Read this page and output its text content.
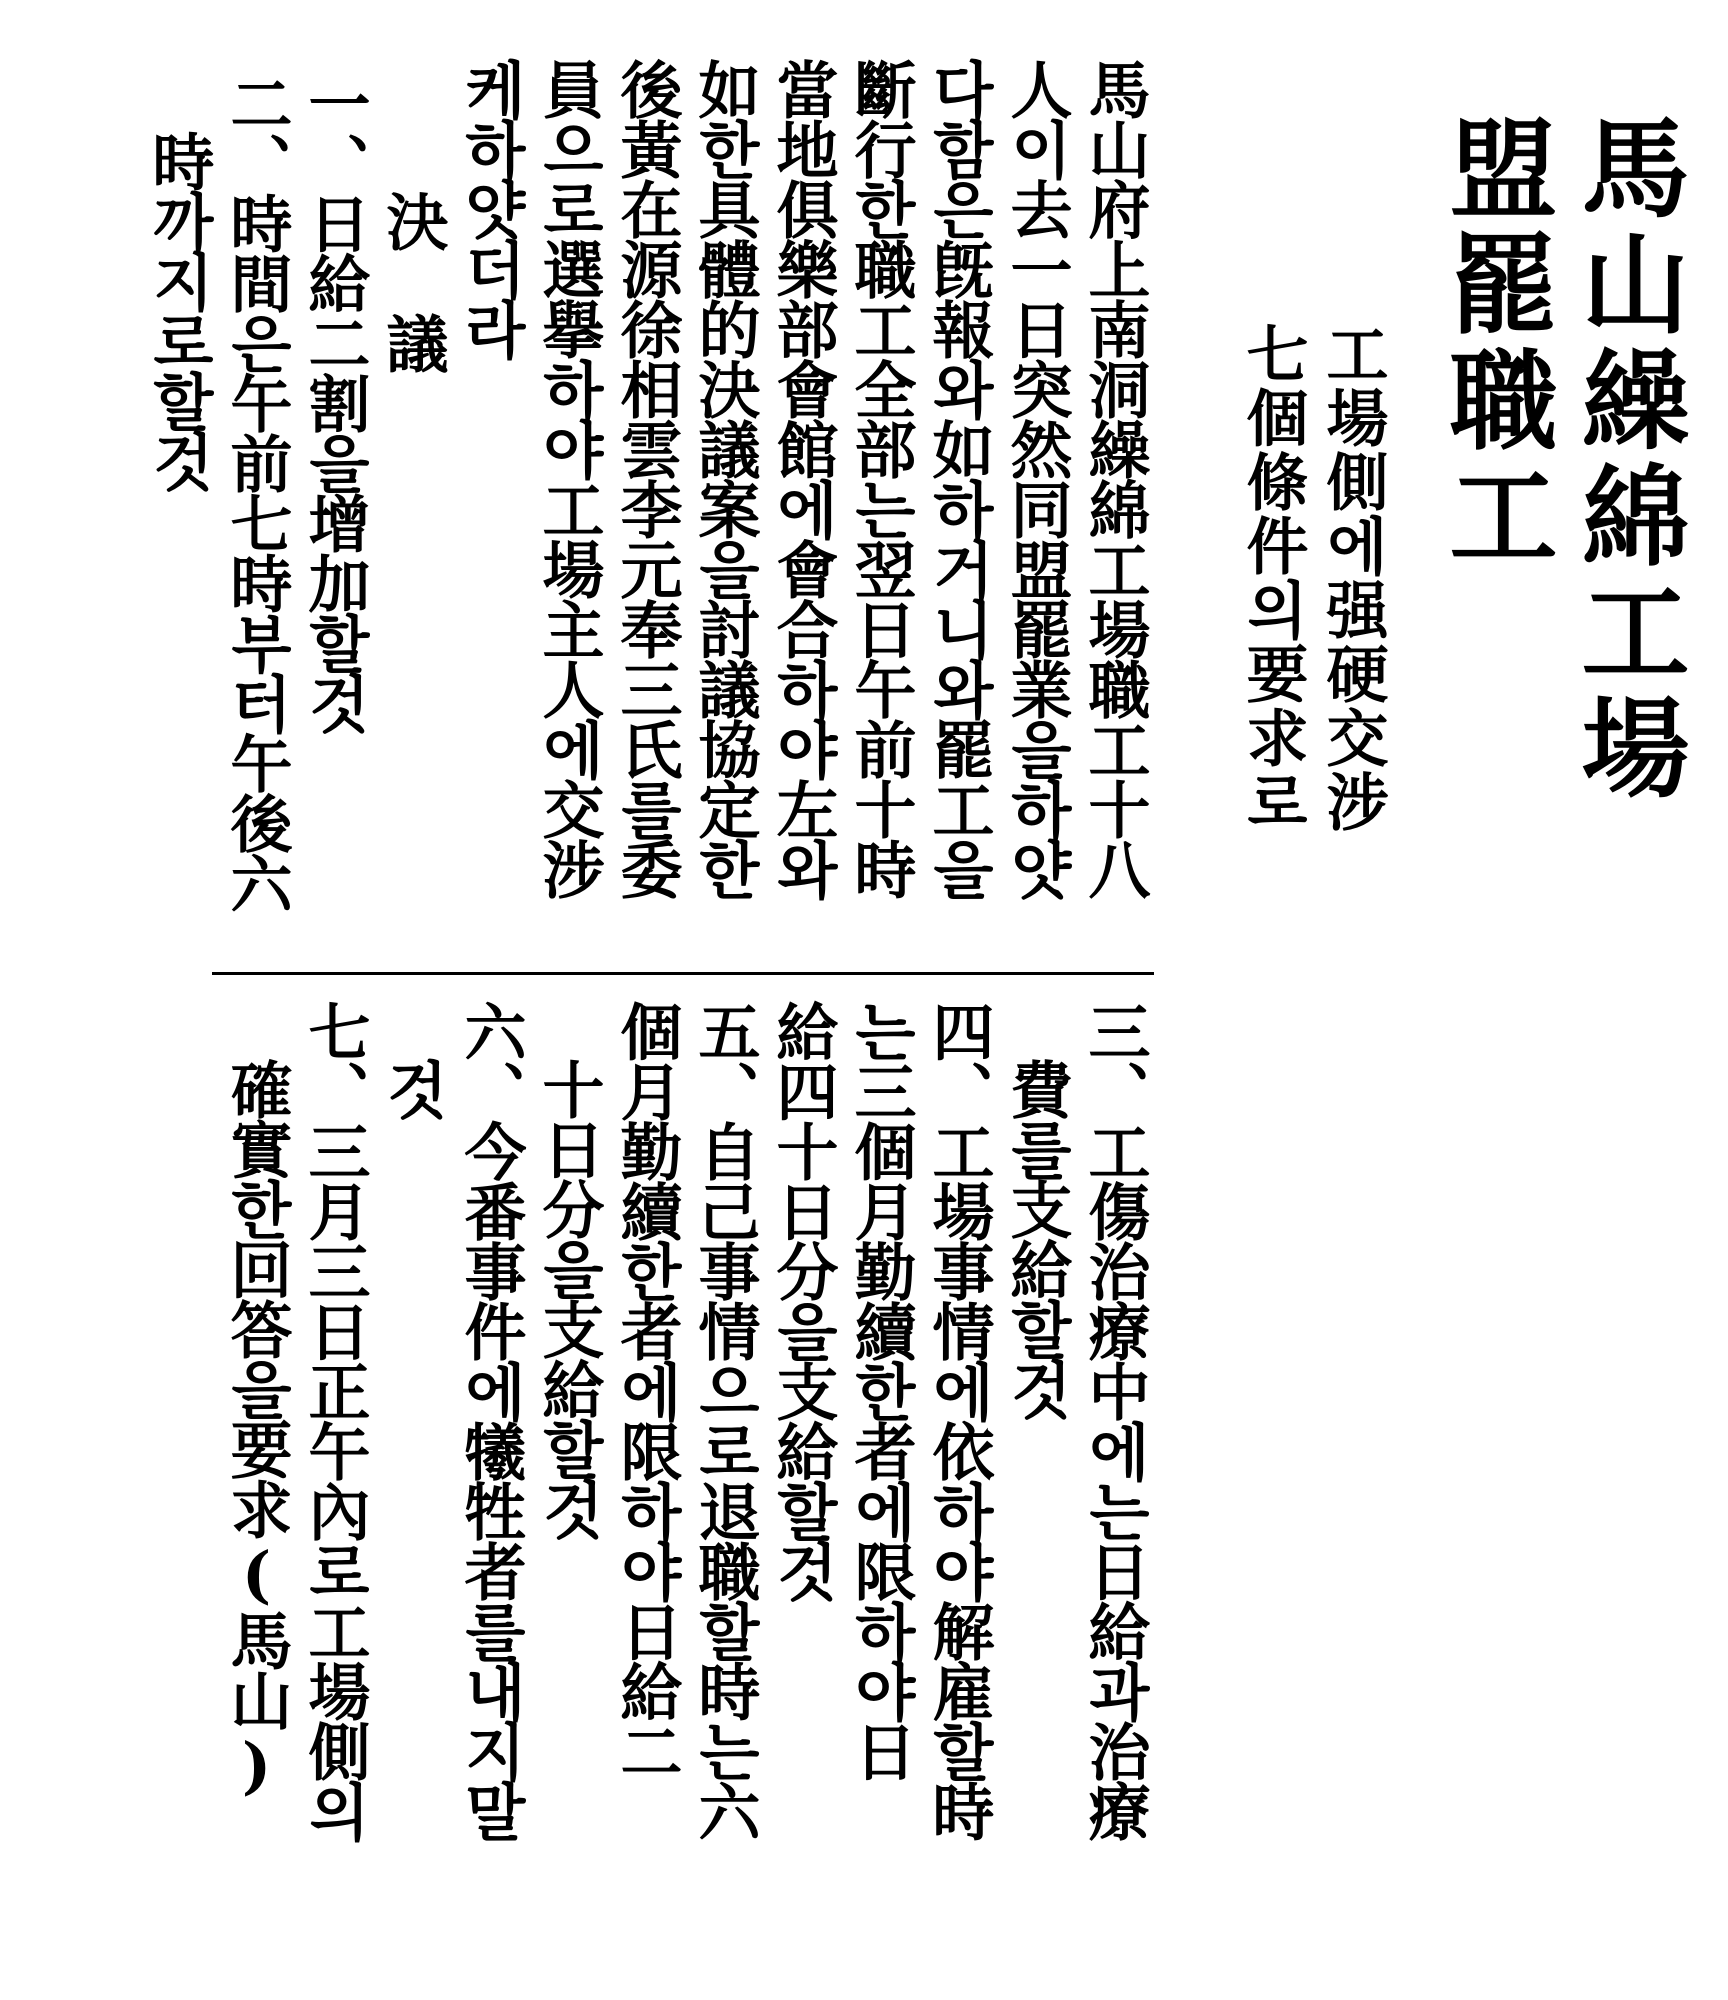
馬山繰綿工場
盟罷職工
工場側에强硬交涉
七個條件의要求로
馬山府上南洞繰綿工場職工十八
人이去一日突然同盟罷業을하얏
다함은旣報와如하거니와罷工을
斷行한職工全部는翌日午前十時
當地俱樂部會館에會合하야左와
如한具體的決議案을討議協定한
後黃在源徐相雲李元奉三氏를委
員으로選擧하야工場主人에交涉
케하얏더라
決議
一、日給二割을增加할것
二、時間은午前七時부터午後六
時까지로할것
三、工傷治療中에는日給과治療
費를支給할것
四、工場事情에依하야解雇할時
는三個月勤續한者에限하야日
給四十日分을支給할것
五、自己事情으로退職할時는六
個月勤續한者에限하야日給二
十日分을支給할것
六、今番事件에犧牲者를내지말
것
七、三月三日正午內로工場側의
確實한回答을要求(馬山)
